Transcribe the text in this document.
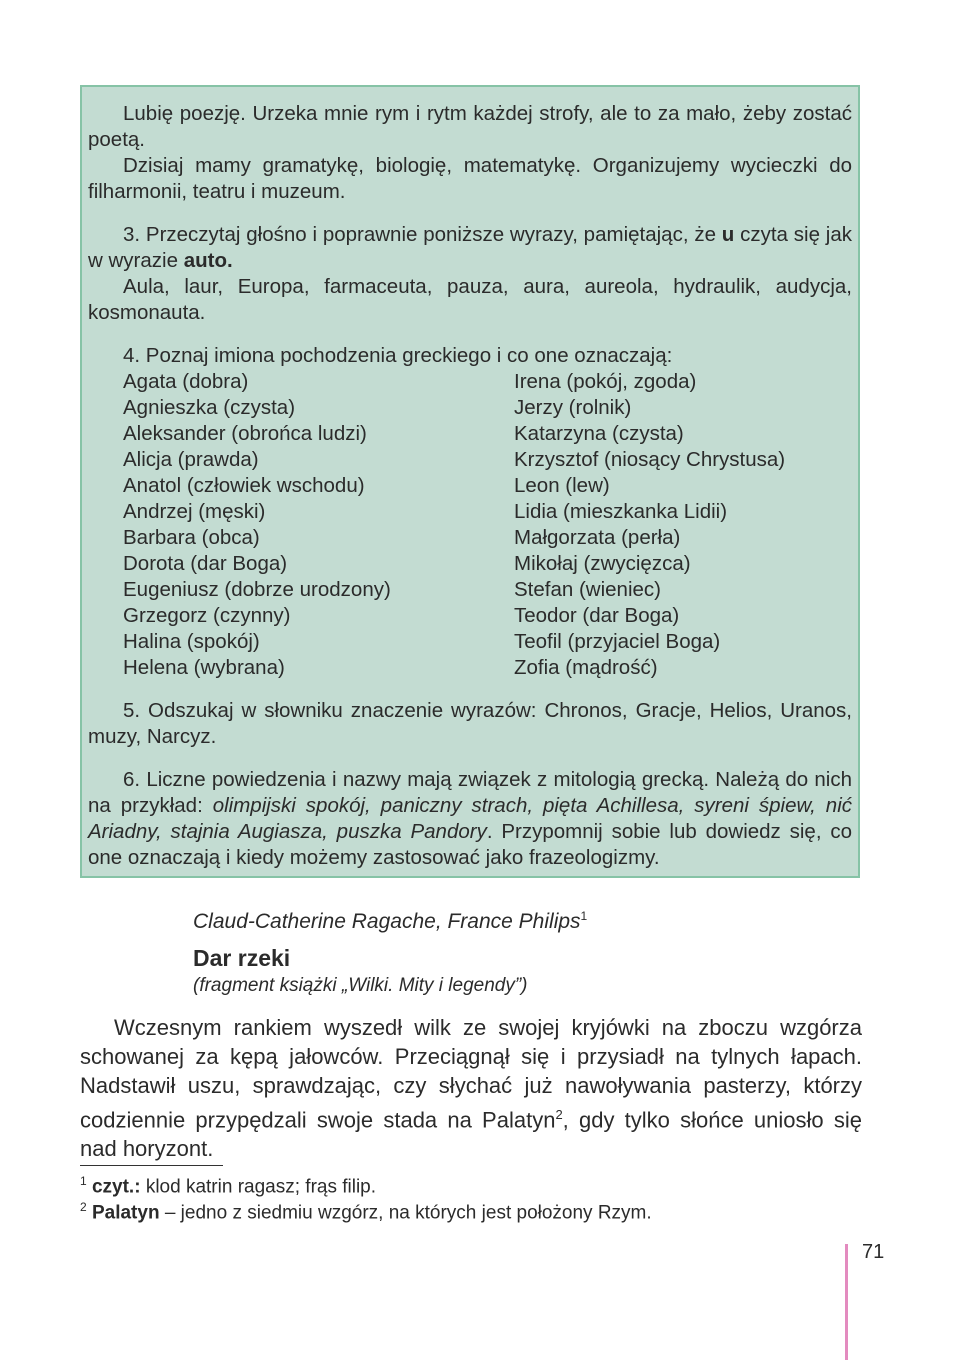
Lubię poezję. Urzeka mnie rym i rytm każdej strofy, ale to za mało, żeby zostać poetą.

Dzisiaj mamy gramatykę, biologię, matematykę. Organizujemy wycieczki do filharmonii, teatru i muzeum.

3. Przeczytaj głośno i poprawnie poniższe wyrazy, pamiętając, że u czyta się jak w wyrazie auto.

Aula, laur, Europa, farmaceuta, pauza, aura, aureola, hydraulik, audycja, kosmonauta.

4. Poznaj imiona pochodzenia greckiego i co one oznaczają:

Agata (dobra)
Agnieszka (czysta)
Aleksander (obrońca ludzi)
Alicja (prawda)
Anatol (człowiek wschodu)
Andrzej (męski)
Barbara (obca)
Dorota (dar Boga)
Eugeniusz (dobrze urodzony)
Grzegorz (czynny)
Halina (spokój)
Helena (wybrana)
Irena (pokój, zgoda)
Jerzy (rolnik)
Katarzyna (czysta)
Krzysztof (niosący Chrystusa)
Leon (lew)
Lidia (mieszkanka Lidii)
Małgorzata (perła)
Mikołaj (zwycięzca)
Stefan (wieniec)
Teodor (dar Boga)
Teofil (przyjaciel Boga)
Zofia (mądrość)

5. Odszukaj w słowniku znaczenie wyrazów: Chronos, Gracje, Helios, Uranos, muzy, Narcyz.

6. Liczne powiedzenia i nazwy mają związek z mitologią grecką. Należą do nich na przykład: olimpijski spokój, paniczny strach, pięta Achillesa, syreni śpiew, nić Ariadny, stajnia Augiasza, puszka Pandory. Przypomnij sobie lub dowiedz się, co one oznaczają i kiedy możemy zastosować jako frazeologizmy.

Claud-Catherine Ragache, France Philips$^1$
Dar rzeki
(fragment książki „Wilki. Mity i legendy”)

Wczesnym rankiem wyszedł wilk ze swojej kryjówki na zboczu wzgórza schowanej za kępą jałowców. Przeciągnął się i przysiadł na tylnych łapach. Nadstawił uszu, sprawdzając, czy słychać już nawoływania pasterzy, którzy codziennie przypędzali swoje stada na Palatyn$^2$, gdy tylko słońce uniosło się nad horyzont.

$^1$ czyt.: klod katrin ragasz; frąs filip.
$^2$ Palatyn – jedno z siedmiu wzgórz, na których jest położony Rzym.
71
